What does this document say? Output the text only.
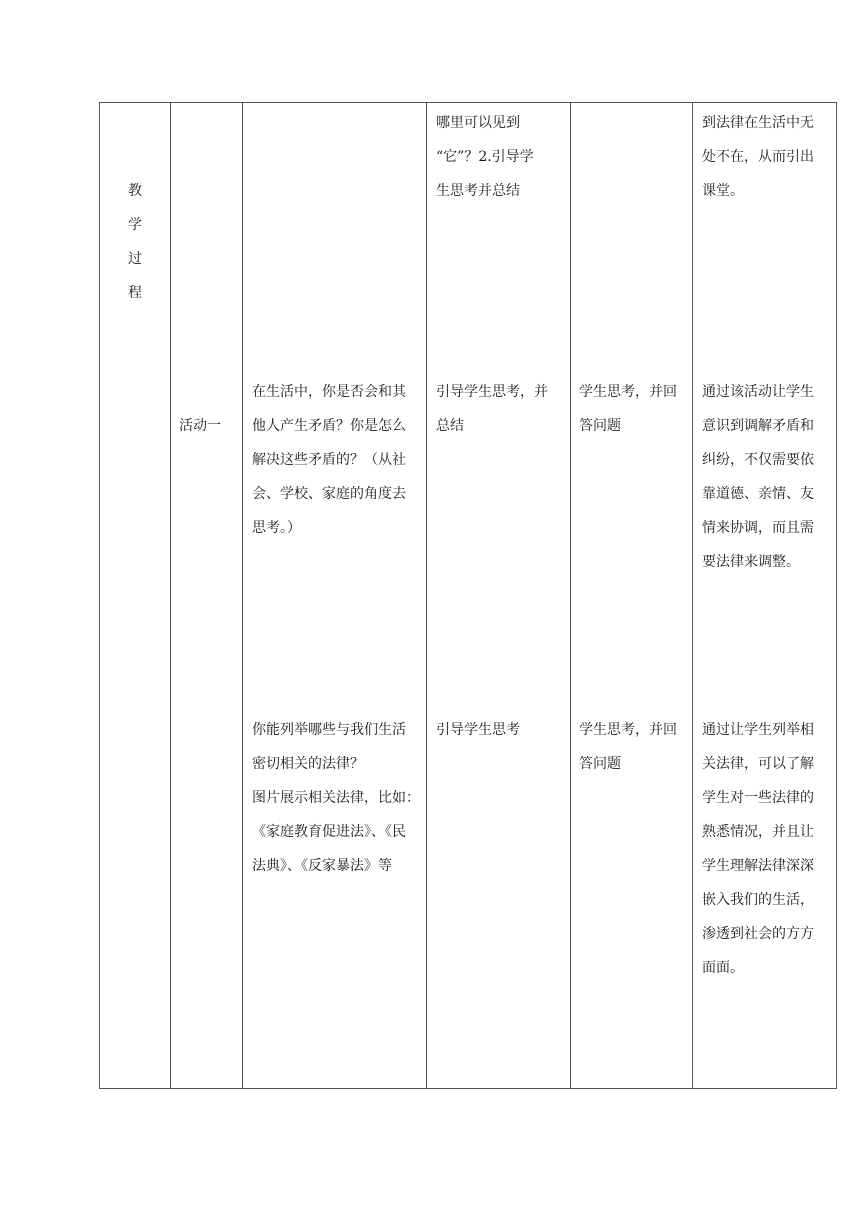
教
学
过
程
哪里可以见到
“它”？2.引导学
生思考并总结
到法律在生活中无
处不在，从而引出
课堂。
活动一
在生活中，你是否会和其
他人产生矛盾？你是怎么
解决这些矛盾的？（从社
会、学校、家庭的角度去
思考。）
引导学生思考，并
总结
学生思考，并回
答问题
通过该活动让学生
意识到调解矛盾和
纠纷，不仅需要依
靠道德、亲情、友
情来协调，而且需
要法律来调整。
你能列举哪些与我们生活
密切相关的法律？
图片展示相关法律，比如：
《家庭教育促进法》、《民
法典》、《反家暴法》等
引导学生思考	学生思考，并回
答问题
通过让学生列举相
关法律，可以了解
学生对一些法律的
熟悉情况，并且让
学生理解法律深深
嵌入我们的生活，
渗透到社会的方方
面面。
